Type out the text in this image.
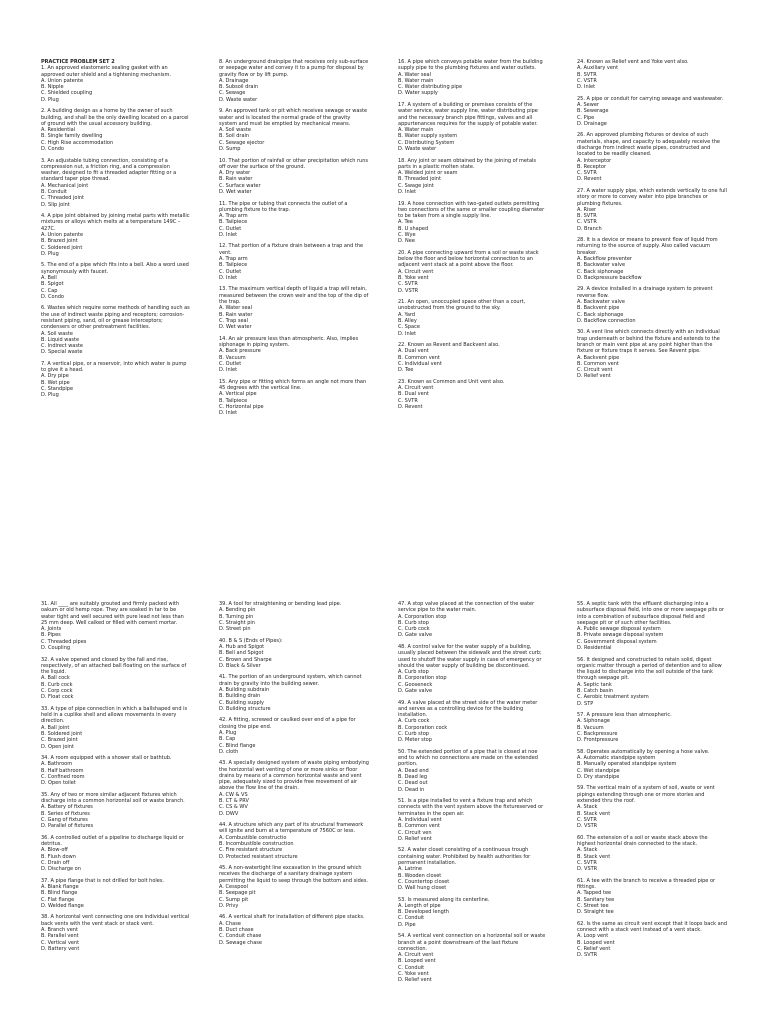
PRACTICE PROBLEM SET 2
1. An approved elastomeric sealing gasket with an approved outer shield and a tightening mechanism.
A. Union patente
B. Nipple
C. Shielded coupling
D. Plug
2. A building design as a home by the owner of such building, and shall be the only dwelling located on a parcel of ground with the usual accessory building.
A. Residential
B. Single family dwelling
C. High Rise accommodation
D. Condo
3. An adjustable tubing connection, consisting of a compression nut, a friction ring, and a compression washer, designed to fit a threaded adapter fitting or a standard taper pipe thread.
A. Mechanical joint
B. Conduit
C. Threaded joint
D. Slip joint
4. A pipe joint obtained by joining metal parts with metallic mixtures or alloys which melts at a temperature 149C – 427C.
A. Union patente
B. Brazed joint
C. Soldered joint
D. Plug
5. The end of a pipe which fits into a bell. Also a word used synonymously with faucet.
A. Bell
B. Spigot
C. Cap
D. Condo
6. Wastes which require some methods of handling such as the use of indirect waste piping and receptors; corrosion-resistant piping, sand, oil or grease interceptors; condensers or other pretreatment facilities.
A. Soil waste
B. Liquid waste
C. Indirect waste
D. Special waste
7. A vertical pipe, or a reservoir, into which water is pump to give it a head.
A. Dry pipe
B. Wet pipe
C. Standpipe
D. Plug
8. An underground drainpipe that receives only sub-surface or seepage water and convey it to a pump for disposal by gravity flow or by lift pump.
A. Drainage
B. Subsoil drain
C. Sewage
D. Waste water
9. An approved tank or pit which receives sewage or waste water and is located the normal grade of the gravity system and must be emptied by mechanical means.
A. Soil waste
B. Soil drain
C. Sewage ejector
D. Sump
10. That portion of rainfall or other precipitation which runs off over the surface of the ground.
A. Dry water
B. Rain water
C. Surface water
D. Wet water
11. The pipe or tubing that connects the outlet of a plumbing fixture to the trap.
A. Trap arm
B. Tailpiece
C. Outlet
D. Inlet
12. That portion of a fixture drain between a trap and the vent.
A. Trap arm
B. Tailpiece
C. Outlet
D. Inlet
13. The maximum vertical depth of liquid a trap will retain, measured between the crown weir and the top of the dip of the trap.
A. Water seal
B. Rain water
C. Trap seal
D. Wet water
14. An air pressure less than atmospheric. Also, implies siphonage in piping system.
A. Back pressure
B. Vacuum
C. Outlet
D. Inlet
15. Any pipe or fitting which forms an angle not more than 45 degrees with the vertical line.
A. Vertical pipe
B. Tailpiece
C. Horizontal pipe
D. Inlet
16. A pipe which conveys potable water from the building supply pipe to the plumbing fixtures and water outlets.
A. Water seal
B. Water main
C. Water distributing pipe
D. Water supply
17. A system of a building or premises consists of the water service, water supply line, water distributing pipe and the necessary branch pipe fittings, valves and all appurtenances requires for the supply of potable water.
A. Water main
B. Water supply system
C. Distributing System
D. Waste water
18. Any joint or seam obtained by the joining of metals parts in a plastic molten state.
A. Welded joint or seam
B. Threaded joint
C. Swage joint
D. Inlet
19. A hose connection with two-gated outlets permitting two connections of the same or smaller coupling diameter to be taken from a single supply line.
A. Tee
B. U shaped
C. Wye
D. Nee
20. A pipe connecting upward from a soil or waste stack below the floor and below horizontal connection to an adjacent vent stack at a point above the floor.
A. Circuit vent
B. Yoke vent
C. SVTR
D. VSTR
21. An open, unoccupied space other than a court, unobstructed from the ground to the sky.
A. Yard
B. Alley
C. Space
D. Inlet
22. Known as Revent and Backvent also.
A. Dual vent
B. Common vent
C. Individual vent
D. Tee
23. Known as Common and Unit vent also.
A. Circuit vent
B. Dual vent
C. SVTR
D. Revent
24. Known as Relief vent and Yoke vent also.
A. Auxiliary vent
B. SVTR
C. VSTR
D. Inlet
25. A pipe or conduit for carrying sewage and wastewater.
A. Sewer
B. Sewerage
C. Pipe
D. Drainage
26. An approved plumbing fixtures or device of such materials, shape, and capacity to adequately receive the discharge from indirect waste pipes, constructed and located to be readily cleaned.
A. Interceptor
B. Receptor
C. SVTR
D. Revent
27. A water supply pipe, which extends vertically to one full story or more to convey water into pipe branches or plumbing fixtures.
A. Riser
B. SVTR
C. VSTR
D. Branch
28. It is a device or means to prevent flow of liquid from returning to the source of supply. Also called vacuum breaker.
A. Backflow preventer
B. Backwater valve
C. Back siphonage
D. Backpressure backflow
29. A device installed in a drainage system to prevent reverse flow.
A. Backwater valve
B. Backvent pipe
C. Back siphonage
D. Backflow connection
30. A vent line which connects directly with an individual trap underneath or behind the fixture and extends to the branch or main vent pipe at any point higher than the fixture or fixture traps it serves. See Revent pipe.
A. Backvent pipe
B. Common vent
C. Circuit vent
D. Relief vent
31. All ____ are suitably grouted and firmly packed with oakum or old hemp rope. They are soaked in tar to be water tight and well secured with pure lead not less than 25 mm deep. Well calked or filled with cement mortar.
A. Joints
B. Pipes
C. Threaded pipes
D. Coupling
32. A valve opened and closed by the fall and rise, respectively, of an attached ball floating on the surface of the liquid.
A. Ball cock
B. Curb cock
C. Corp cock
D. Float cock
33. A type of pipe connection in which a ballshaped end is held in a cuplike shell and allows movements in every direction.
A. Ball joint
B. Soldered joint
C. Brazed joint
D. Open joint
34. A room equipped with a shower stall or bathtub.
A. Bathroom
B. Half bathroom
C. Confined room
D. Open toilet
35. Any of two or more similar adjacent fixtures which discharge into a common horizontal soil or waste branch.
A. Battery of fixtures
B. Series of fixtures
C. Gang of fixtures
D. Parallel of fixtures
36. A controlled outlet of a pipeline to discharge liquid or detritus.
A. Blow-off
B. Flush down
C. Drain off
D. Discharge on
37. A pipe flange that is not drilled for bolt holes.
A. Blank flange
B. Blind flange
C. Flat flange
D. Welded flange
38. A horizontal vent connecting one ore individual vertical back vents with the vent stack or stack vent.
A. Branch vent
B. Parallel vent
C. Vertical vent
D. Battery vent
39. A tool for straightening or bending lead pipe.
A. Bending pin
B. Turning pin
C. Straight pin
D. Street pin
40. B & S (Ends of Pipes):
A. Hub and Spigot
B. Bell and Spigot
C. Brown and Sharpe
D. Black & Silver
41. The portion of an underground system, which cannot drain by gravity into the building sewer.
A. Building subdrain
B. Building drain
C. Building supply
D. Building structure
42. A fitting, screwed or caulked over end of a pipe for closing the pipe end.
A. Plug
B. Cap
C. Blind flange
D. cloth
43. A specially designed system of waste piping embodying the horizontal wet venting of one or more sinks or floor drains by means of a common horizontal waste and vent pipe, adequately sized to provide free movement of air above the flow line of the drain.
A. CW & VS
B. CT & PRV
C. CS & WV
D. DWV
44. A structure which any part of its structural framework will ignite and burn at a temperature of 7560C or less.
A. Combustible constructio
B. Incombustible construction
C. Fire resistant structure
D. Protected resistant structure
45. A non-watertight line excavation in the ground which receives the discharge of a sanitary drainage system permitting the liquid to seep through the bottom and sides.
A. Cesspool
B. Seepage pit
C. Sump pit
D. Privy
46. A vertical shaft for installation of different pipe stacks.
A. Chase
B. Duct chase
C. Conduit chase
D. Sewage chase
47. A stop valve placed at the connection of the water service pipe to the water main.
A. Corporation stop
B. Curb stop
C. Curb cock
D. Gate valve
48. A control valve for the water supply of a building, usually placed between the sidewalk and the street curb; used to shutoff the water supply in case of emergency or should the water supply of building be discontinued.
A. Curb stop
B. Corporation stop
C. Gooseneck
D. Gate valve
49. A valve placed at the street side of the water meter and serves as a controlling device for the building installation.
A. Curb cock
B. Corporation cock
C. Curb stop
D. Meter stop
50. The extended portion of a pipe that is closed at noe end to which no connections are made on the extended portion.
A. Dead end
B. Dead leg
C. Dead out
D. Dead in
51. Is a pipe installed to vent a fixture trap and which connects with the vent system above the fixtureserved or terminates in the open air.
A. Individual vent
B. Common vent
C. Circuit ven
D. Relief vent
52. A water closet consisting of a continuous trough containing water. Prohibited by health authorities for permanent installation.
A. Latrine
B. Wooden closet
C. Countertop closet
D. Wall hung closet
53. Is measured along its centerline.
A. Length of pipe
B. Developed length
C. Conduit
D. Pipe
54. A vertical vent connection on a horizontal soil or waste branch at a point downstream of the last fixture connection.
A. Circuit vent
B. Looped vent
C. Conduit
C. Yoke vent
D. Relief vent
55. A septic tank with the effluent discharging into a subsurface disposal field, into one or more seepage pits or into a combination of subsurface disposal field and seepage pit or of such other facilities.
A. Public sewage disposal system
B. Private sewage disposal system
C. Government disposal system
D. Residential
56. It designed and constructed to retain solid, digest organic matter through a period of detention and to allow the liquid to discharge into the soil outside of the tank through seepage pit.
A. Septic tank
B. Catch basin
C. Aerobic treatment system
D. STP
57. A pressure less than atmospheric.
A. Siphonage
B. Vacuum
C. Backpressure
D. Frontpressure
58. Operates automatically by opening a hose valve.
A. Automatic standpipe system
B. Manually operated standpipe system
C. Wet standpipe
D. Dry standpipe
59. The vertical main of a system of soil, waste or vent pipings extending through one or more stories and extended thru the roof.
A. Stack
B. Stack vent
C. SVTR
D. VSTR
60. The extension of a soil or waste stack above the highest horizontal drain connected to the stack.
A. Stack
B. Stack vent
C. SVTR
D. VSTR
61. A tee with the branch to receive a threaded pipe or fittings.
A. Tapped tee
B. Sanitary tee
C. Street tee
D. Straight tee
62. Is the same as circuit vent except that it loops back and connect with a stack vent instead of a vent stack.
A. Loop vent
B. Looped vent
C. Relief vent
D. SVTR
